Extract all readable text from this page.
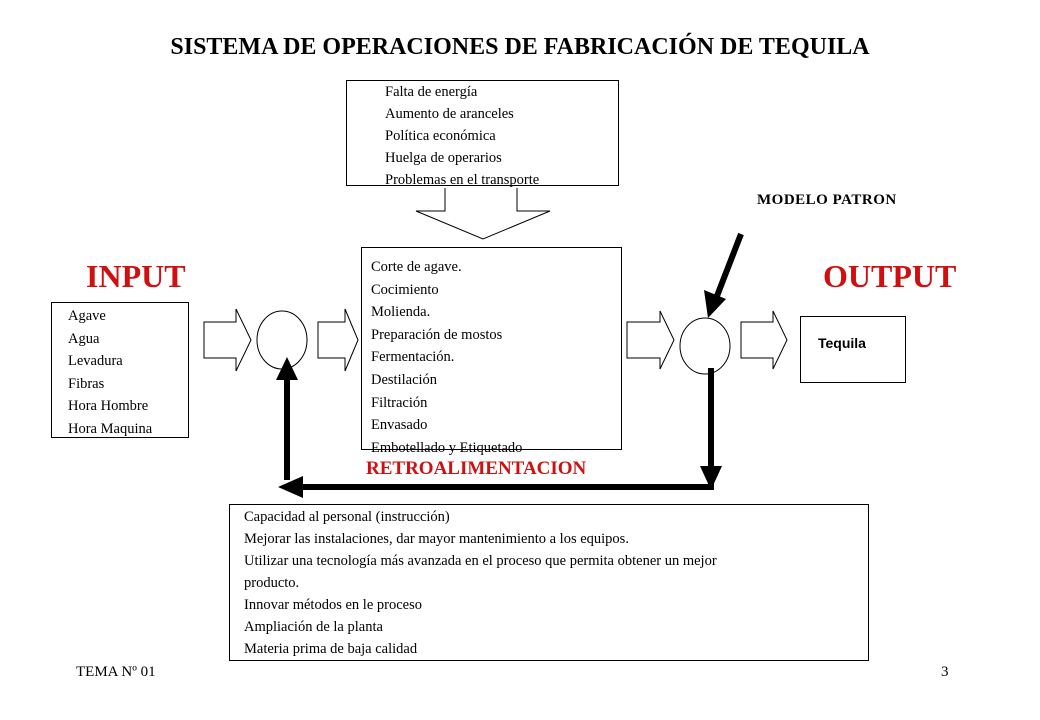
SISTEMA DE OPERACIONES DE FABRICACIÓN DE TEQUILA
Falta de energía
Aumento de aranceles
Política económica
Huelga de operarios
Problemas en el transporte
MODELO PATRON
INPUT	OUTPUT
Agave
Agua
Levadura
Fibras
Hora Hombre
Hora Maquina
Corte de agave.
Cocimiento
Molienda.
Preparación de mostos
Fermentación.
Destilación
Filtración
Envasado
Embotellado y Etiquetado
Tequila
RETROALIMENTACION
Capacidad al personal (instrucción)
Mejorar las instalaciones, dar mayor mantenimiento a los equipos.
Utilizar una tecnología más avanzada en el proceso que permita obtener un mejor
producto.
Innovar métodos en le proceso
Ampliación de la planta
Materia prima de baja calidad
TEMA Nº 01	3
